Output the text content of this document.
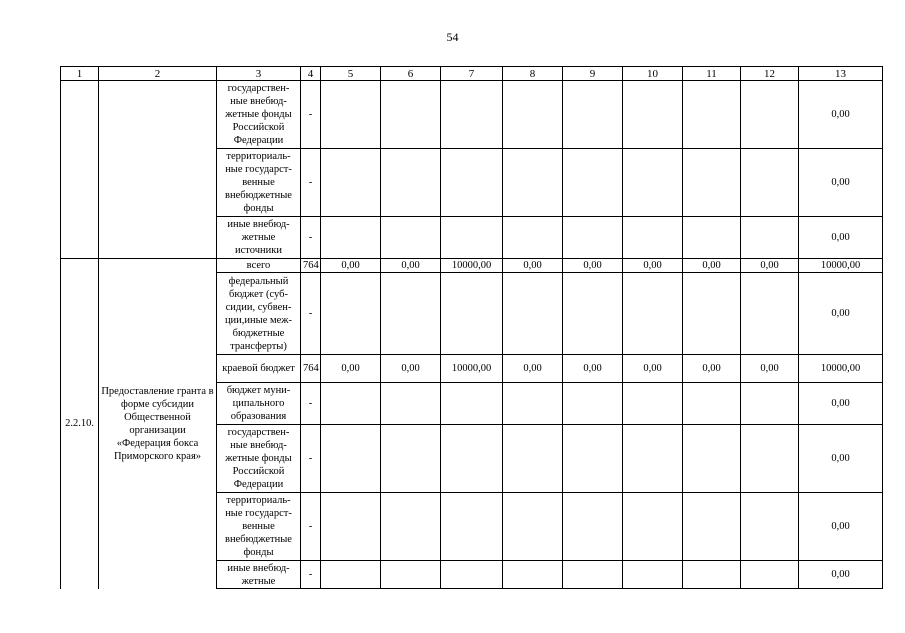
54
1	2	3	4	5	6	7	8	9	10	11	12	13
		государствен-ные внебюд-жетные фонды Российской Федерации	-									0,00
		территориаль-ные государст-венные внебюджетные фонды	-									0,00
		иные внебюд-жетные источники	-									0,00
2.2.10.	Предоставление гранта в форме субсидии Общественной организации «Федерация бокса Приморского края»	всего	764	0,00	0,00	10000,00	0,00	0,00	0,00	0,00	0,00	10000,00
		федеральный бюджет (суб-сидии, субвен-ции,иные меж-бюджетные трансферты)	-									0,00
		краевой бюджет	764	0,00	0,00	10000,00	0,00	0,00	0,00	0,00	0,00	10000,00
		бюджет муни-ципального образования	-									0,00
		государствен-ные внебюд-жетные фонды Российской Федерации	-									0,00
		территориаль-ные государст-венные внебюджетные фонды	-									0,00
		иные внебюд-жетные	-									0,00
